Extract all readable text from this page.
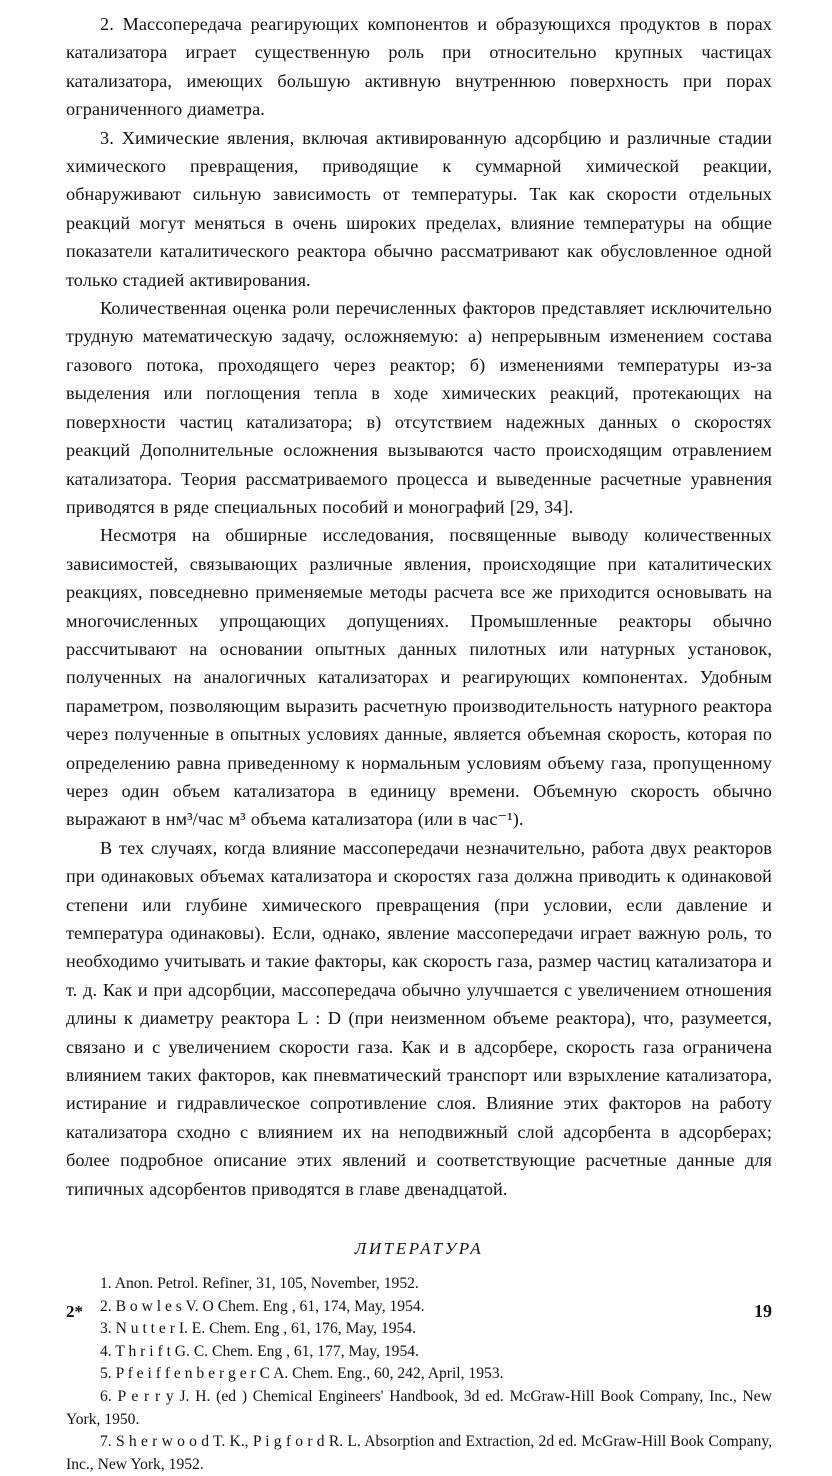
2. Массопередача реагирующих компонентов и образующихся продуктов в порах катализатора играет существенную роль при относительно крупных частицах катализатора, имеющих большую активную внутреннюю поверхность при порах ограниченного диаметра.

3. Химические явления, включая активированную адсорбцию и различные стадии химического превращения, приводящие к суммарной химической реакции, обнаруживают сильную зависимость от температуры. Так как скорости отдельных реакций могут меняться в очень широких пределах, влияние температуры на общие показатели каталитического реактора обычно рассматривают как обусловленное одной только стадией активирования.

Количественная оценка роли перечисленных факторов представляет исключительно трудную математическую задачу, осложняемую: а) непрерывным изменением состава газового потока, проходящего через реактор; б) изменениями температуры из-за выделения или поглощения тепла в ходе химических реакций, протекающих на поверхности частиц катализатора; в) отсутствием надежных данных о скоростях реакций Дополнительные осложнения вызываются часто происходящим отравлением катализатора. Теория рассматриваемого процесса и выведенные расчетные уравнения приводятся в ряде специальных пособий и монографий [29, 34].

Несмотря на обширные исследования, посвященные выводу количественных зависимостей, связывающих различные явления, происходящие при каталитических реакциях, повседневно применяемые методы расчета все же приходится основывать на многочисленных упрощающих допущениях. Промышленные реакторы обычно рассчитывают на основании опытных данных пилотных или натурных установок, полученных на аналогичных катализаторах и реагирующих компонентах. Удобным параметром, позволяющим выразить расчетную производительность натурного реактора через полученные в опытных условиях данные, является объемная скорость, которая по определению равна приведенному к нормальным условиям объему газа, пропущенному через один объем катализатора в единицу времени. Объемную скорость обычно выражают в нм³/час м³ объема катализатора (или в час⁻¹).

В тех случаях, когда влияние массопередачи незначительно, работа двух реакторов при одинаковых объемах катализатора и скоростях газа должна приводить к одинаковой степени или глубине химического превращения (при условии, если давление и температура одинаковы). Если, однако, явление массопередачи играет важную роль, то необходимо учитывать и такие факторы, как скорость газа, размер частиц катализатора и т. д. Как и при адсорбции, массопередача обычно улучшается с увеличением отношения длины к диаметру реактора L : D (при неизменном объеме реактора), что, разумеется, связано и с увеличением скорости газа. Как и в адсорбере, скорость газа ограничена влиянием таких факторов, как пневматический транспорт или взрыхление катализатора, истирание и гидравлическое сопротивление слоя. Влияние этих факторов на работу катализатора сходно с влиянием их на неподвижный слой адсорбента в адсорберах; более подробное описание этих явлений и соответствующие расчетные данные для типичных адсорбентов приводятся в главе двенадцатой.

ЛИТЕРАТУРА

1. Anon. Petrol. Refiner, 31, 105, November, 1952.

2. B o w l e s V. O Chem. Eng , 61, 174, May, 1954.

3. N u t t e r I. E. Chem. Eng , 61, 176, May, 1954.

4. T h r i f t G. C. Chem. Eng , 61, 177, May, 1954.

5. P f e i f f e n b e r g e r C A. Chem. Eng., 60, 242, April, 1953.

6. P e r r y J. H. (ed ) Chemical Engineers' Handbook, 3d ed. McGraw-Hill Book Company, Inc., New York, 1950.

7. S h e r w o o d T. K., P i g f o r d R. L. Absorption and Extraction, 2d ed. McGraw-Hill Book Company, Inc., New York, 1952.

2*	19
